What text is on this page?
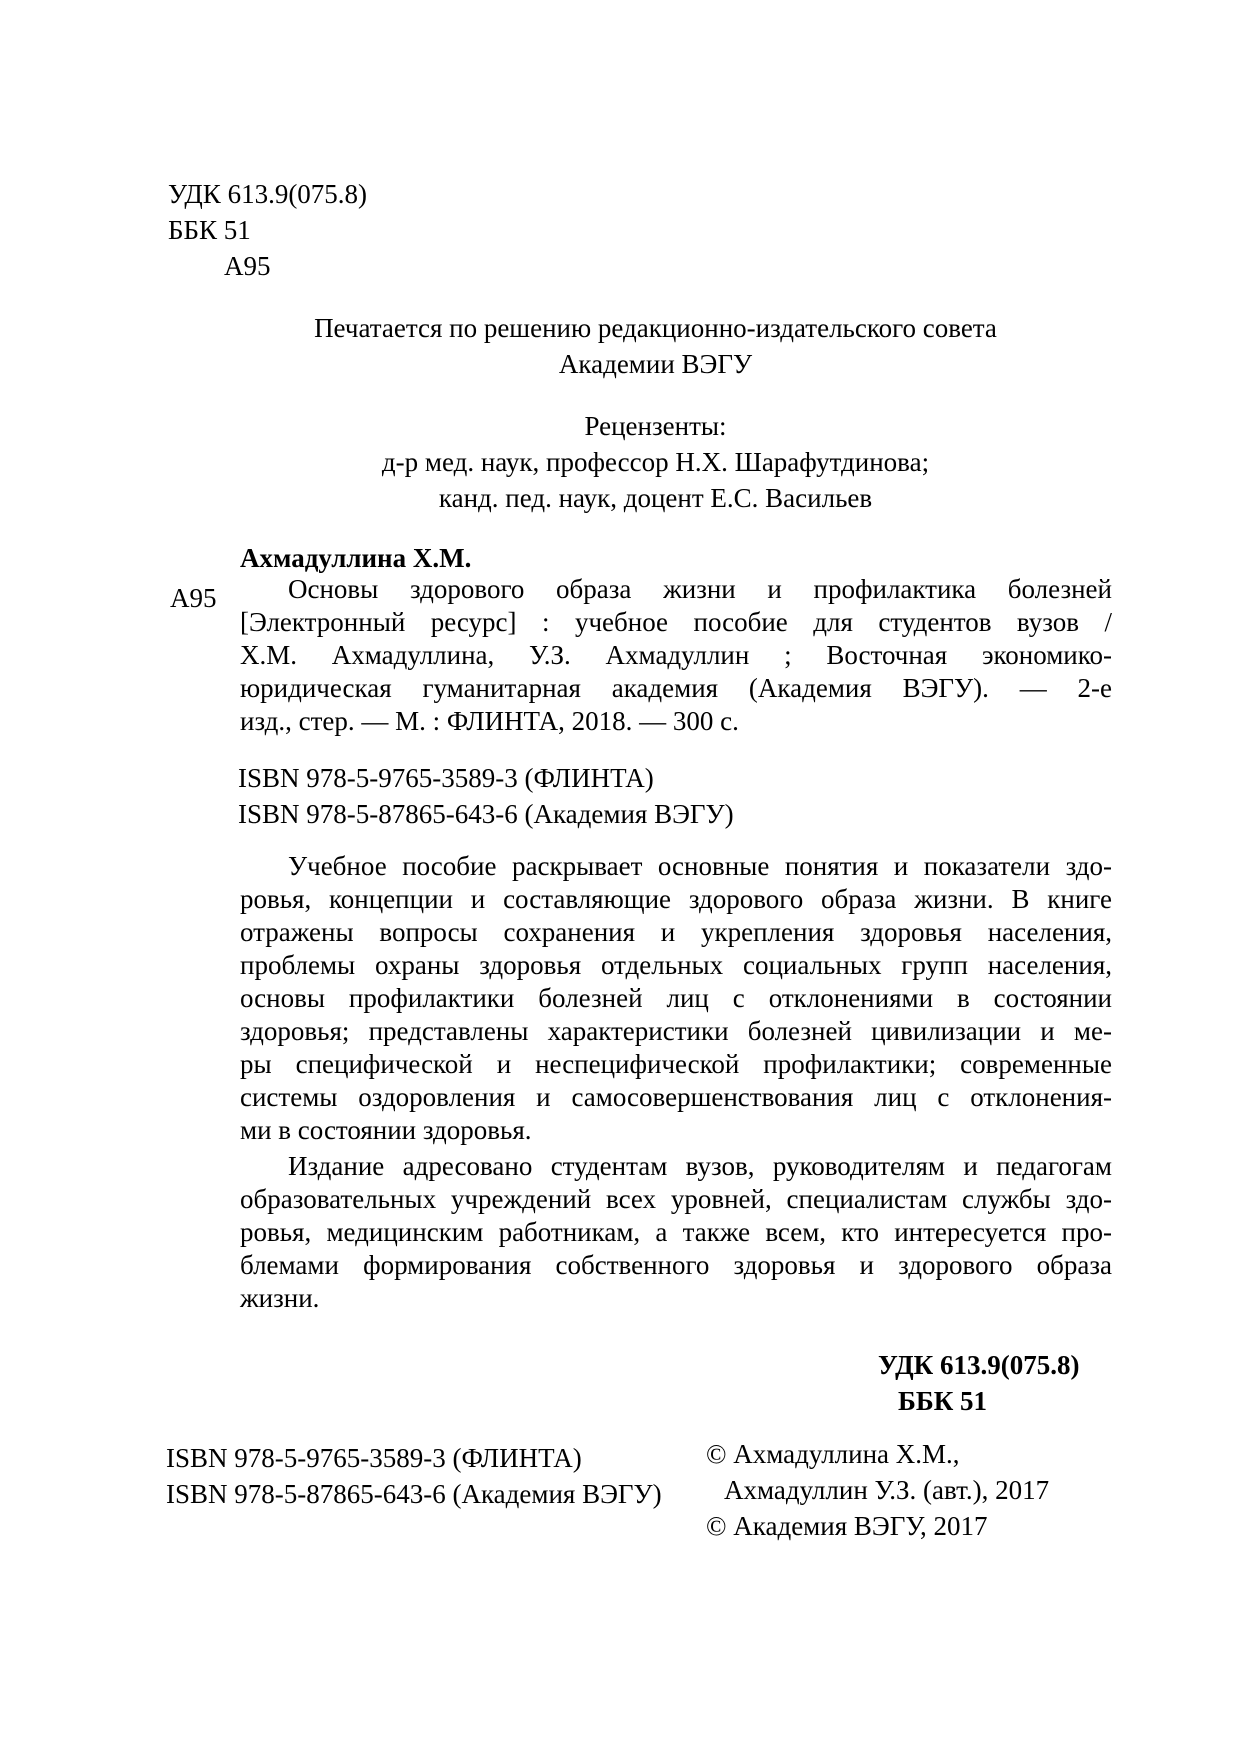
УДК 613.9(075.8)
ББК 51
А95
Печатается по решению редакционно-издательского совета
Академии ВЭГУ
Рецензенты:
д-р мед. наук, профессор Н.Х. Шарафутдинова;
канд. пед. наук, доцент Е.С. Васильев
Ахмадуллина Х.М.
А95	Основы здорового образа жизни и профилактика болезней
[Электронный ресурс] : учебное пособие для студентов вузов /
Х.М. Ахмадуллина, У.З. Ахмадуллин ; Восточная экономико-
юридическая гуманитарная академия (Академия ВЭГУ). — 2-е
изд., стер. — М. : ФЛИНТА, 2018. — 300 с.
ISBN 978-5-9765-3589-3 (ФЛИНТА)
ISBN 978-5-87865-643-6 (Академия ВЭГУ)
Учебное пособие раскрывает основные понятия и показатели здо-
ровья, концепции и составляющие здорового образа жизни. В книге
отражены вопросы сохранения и укрепления здоровья населения,
проблемы охраны здоровья отдельных социальных групп населения,
основы профилактики болезней лиц с отклонениями в состоянии
здоровья; представлены характеристики болезней цивилизации и ме-
ры специфической и неспецифической профилактики; современные
системы оздоровления и самосовершенствования лиц с отклонения-
ми в состоянии здоровья.
Издание адресовано студентам вузов, руководителям и педагогам
образовательных учреждений всех уровней, специалистам службы здо-
ровья, медицинским работникам, а также всем, кто интересуется про-
блемами формирования собственного здоровья и здорового образа
жизни.
УДК 613.9(075.8)
ББК 51
ISBN 978-5-9765-3589-3 (ФЛИНТА)
ISBN 978-5-87865-643-6 (Академия ВЭГУ)
© Ахмадуллина Х.М.,
Ахмадуллин У.З. (авт.), 2017
© Академия ВЭГУ, 2017
